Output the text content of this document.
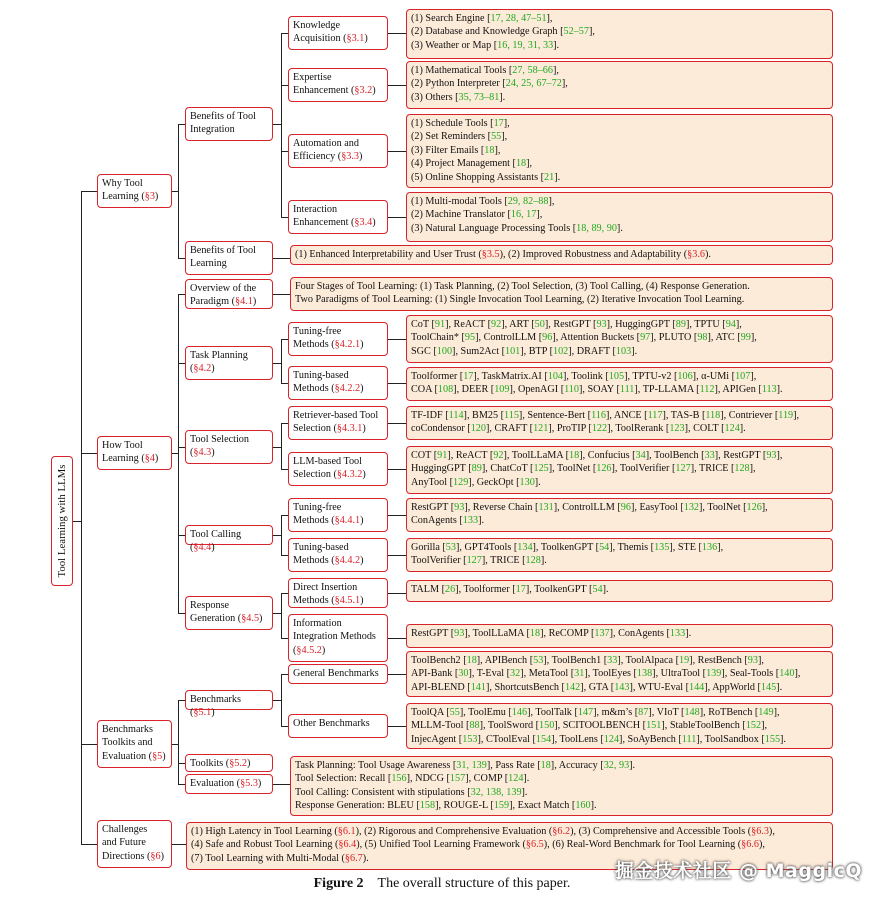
Tool Learning with LLMs
Why Tool
Learning (§3)
How Tool
Learning (§4)
Benchmarks
Toolkits and
Evaluation (§5)
Challenges
and Future
Directions (§6)
Benefits of Tool
Integration
Benefits of Tool
Learning
Overview of the
Paradigm (§4.1)
Task Planning
(§4.2)
Tool Selection
(§4.3)
Tool Calling (§4.4)
Response
Generation (§4.5)
Benchmarks (§5.1)
Toolkits (§5.2)
Evaluation (§5.3)
Knowledge
Acquisition (§3.1)
Expertise
Enhancement (§3.2)
Automation and
Efficiency (§3.3)
Interaction
Enhancement (§3.4)
Tuning-free
Methods (§4.2.1)
Tuning-based
Methods (§4.2.2)
Retriever-based Tool
Selection (§4.3.1)
LLM-based Tool
Selection (§4.3.2)
Tuning-free
Methods (§4.4.1)
Tuning-based
Methods (§4.4.2)
Direct Insertion
Methods (§4.5.1)
Information
Integration Methods
(§4.5.2)
General Benchmarks
Other Benchmarks
(1) Search Engine [17, 28, 47–51],
(2) Database and Knowledge Graph [52–57],
(3) Weather or Map [16, 19, 31, 33].
(1) Mathematical Tools [27, 58–66],
(2) Python Interpreter [24, 25, 67–72],
(3) Others [35, 73–81].
(1) Schedule Tools [17],
(2) Set Reminders [55],
(3) Filter Emails [18],
(4) Project Management [18],
(5) Online Shopping Assistants [21].
(1) Multi-modal Tools [29, 82–88],
(2) Machine Translator [16, 17],
(3) Natural Language Processing Tools [18, 89, 90].
(1) Enhanced Interpretability and User Trust (§3.5), (2) Improved Robustness and Adaptability (§3.6).
Four Stages of Tool Learning: (1) Task Planning, (2) Tool Selection, (3) Tool Calling, (4) Response Generation.
Two Paradigms of Tool Learning: (1) Single Invocation Tool Learning, (2) Iterative Invocation Tool Learning.
CoT [91], ReACT [92], ART [50], RestGPT [93], HuggingGPT [89], TPTU [94],
ToolChain* [95], ControlLLM [96], Attention Buckets [97], PLUTO [98], ATC [99],
SGC [100], Sum2Act [101], BTP [102], DRAFT [103].
Toolformer [17], TaskMatrix.AI [104], Toolink [105], TPTU-v2 [106], α-UMi [107],
COA [108], DEER [109], OpenAGI [110], SOAY [111], TP-LLAMA [112], APIGen [113].
TF-IDF [114], BM25 [115], Sentence-Bert [116], ANCE [117], TAS-B [118], Contriever [119],
coCondensor [120], CRAFT [121], ProTIP [122], ToolRerank [123], COLT [124].
COT [91], ReACT [92], ToolLLaMA [18], Confucius [34], ToolBench [33], RestGPT [93],
HuggingGPT [89], ChatCoT [125], ToolNet [126], ToolVerifier [127], TRICE [128],
AnyTool [129], GeckOpt [130].
RestGPT [93], Reverse Chain [131], ControlLLM [96], EasyTool [132], ToolNet [126],
ConAgents [133].
Gorilla [53], GPT4Tools [134], ToolkenGPT [54], Themis [135], STE [136],
ToolVerifier [127], TRICE [128].
TALM [26], Toolformer [17], ToolkenGPT [54].
RestGPT [93], ToolLLaMA [18], ReCOMP [137], ConAgents [133].
ToolBench2 [18], APIBench [53], ToolBench1 [33], ToolAlpaca [19], RestBench [93],
API-Bank [30], T-Eval [32], MetaTool [31], ToolEyes [138], UltraTool [139], Seal-Tools [140],
API-BLEND [141], ShortcutsBench [142], GTA [143], WTU-Eval [144], AppWorld [145].
ToolQA [55], ToolEmu [146], ToolTalk [147], m&m’s [87], VIoT [148], RoTBench [149],
MLLM-Tool [88], ToolSword [150], SCITOOLBENCH [151], StableToolBench [152],
InjecAgent [153], CToolEval [154], ToolLens [124], SoAyBench [111], ToolSandbox [155].
Task Planning: Tool Usage Awareness [31, 139], Pass Rate [18], Accuracy [32, 93].
Tool Selection: Recall [156], NDCG [157], COMP [124].
Tool Calling: Consistent with stipulations [32, 138, 139].
Response Generation: BLEU [158], ROUGE-L [159], Exact Match [160].
(1) High Latency in Tool Learning (§6.1), (2) Rigorous and Comprehensive Evaluation (§6.2), (3) Comprehensive and Accessible Tools (§6.3),
(4) Safe and Robust Tool Learning (§6.4), (5) Unified Tool Learning Framework (§6.5), (6) Real-Word Benchmark for Tool Learning (§6.6),
(7) Tool Learning with Multi-Modal (§6.7).
Figure 2 The overall structure of this paper.
掘金技术社区 @ MaggicQ
